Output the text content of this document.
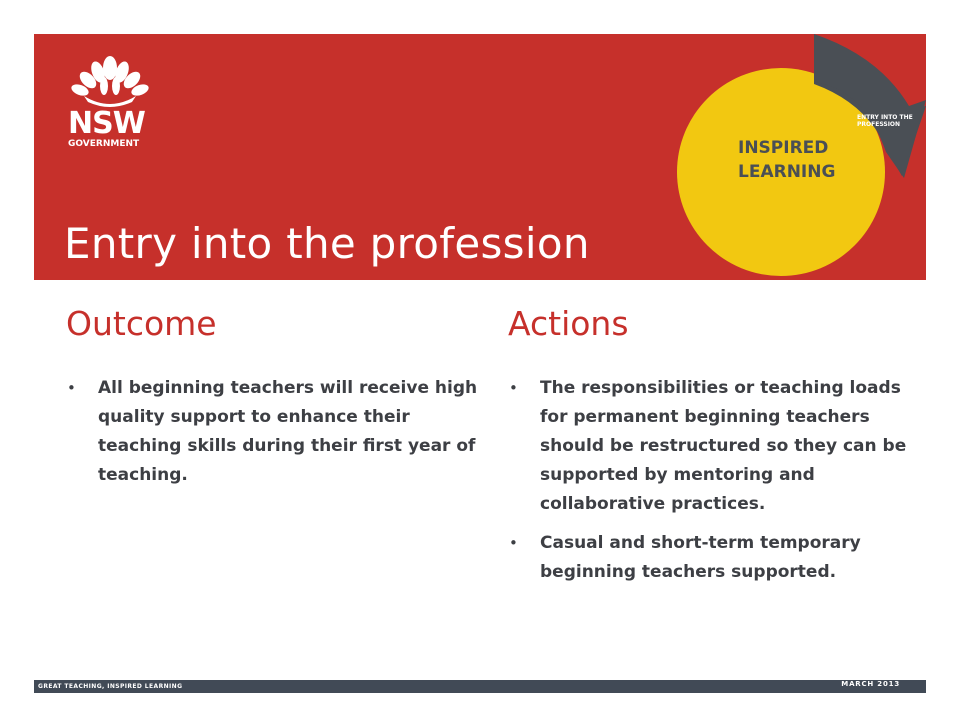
NSW
GOVERNMENT
Entry into the profession
INSPIRED LEARNING
ENTRY INTO THE PROFESSION
Outcome
• All beginning teachers will receive high quality support to enhance their teaching skills during their first year of teaching.
Actions
• The responsibilities or teaching loads for permanent beginning teachers should be restructured so they can be supported by mentoring and collaborative practices.
• Casual and short-term temporary beginning teachers supported.
GREAT TEACHING, INSPIRED LEARNING	MARCH 2013
